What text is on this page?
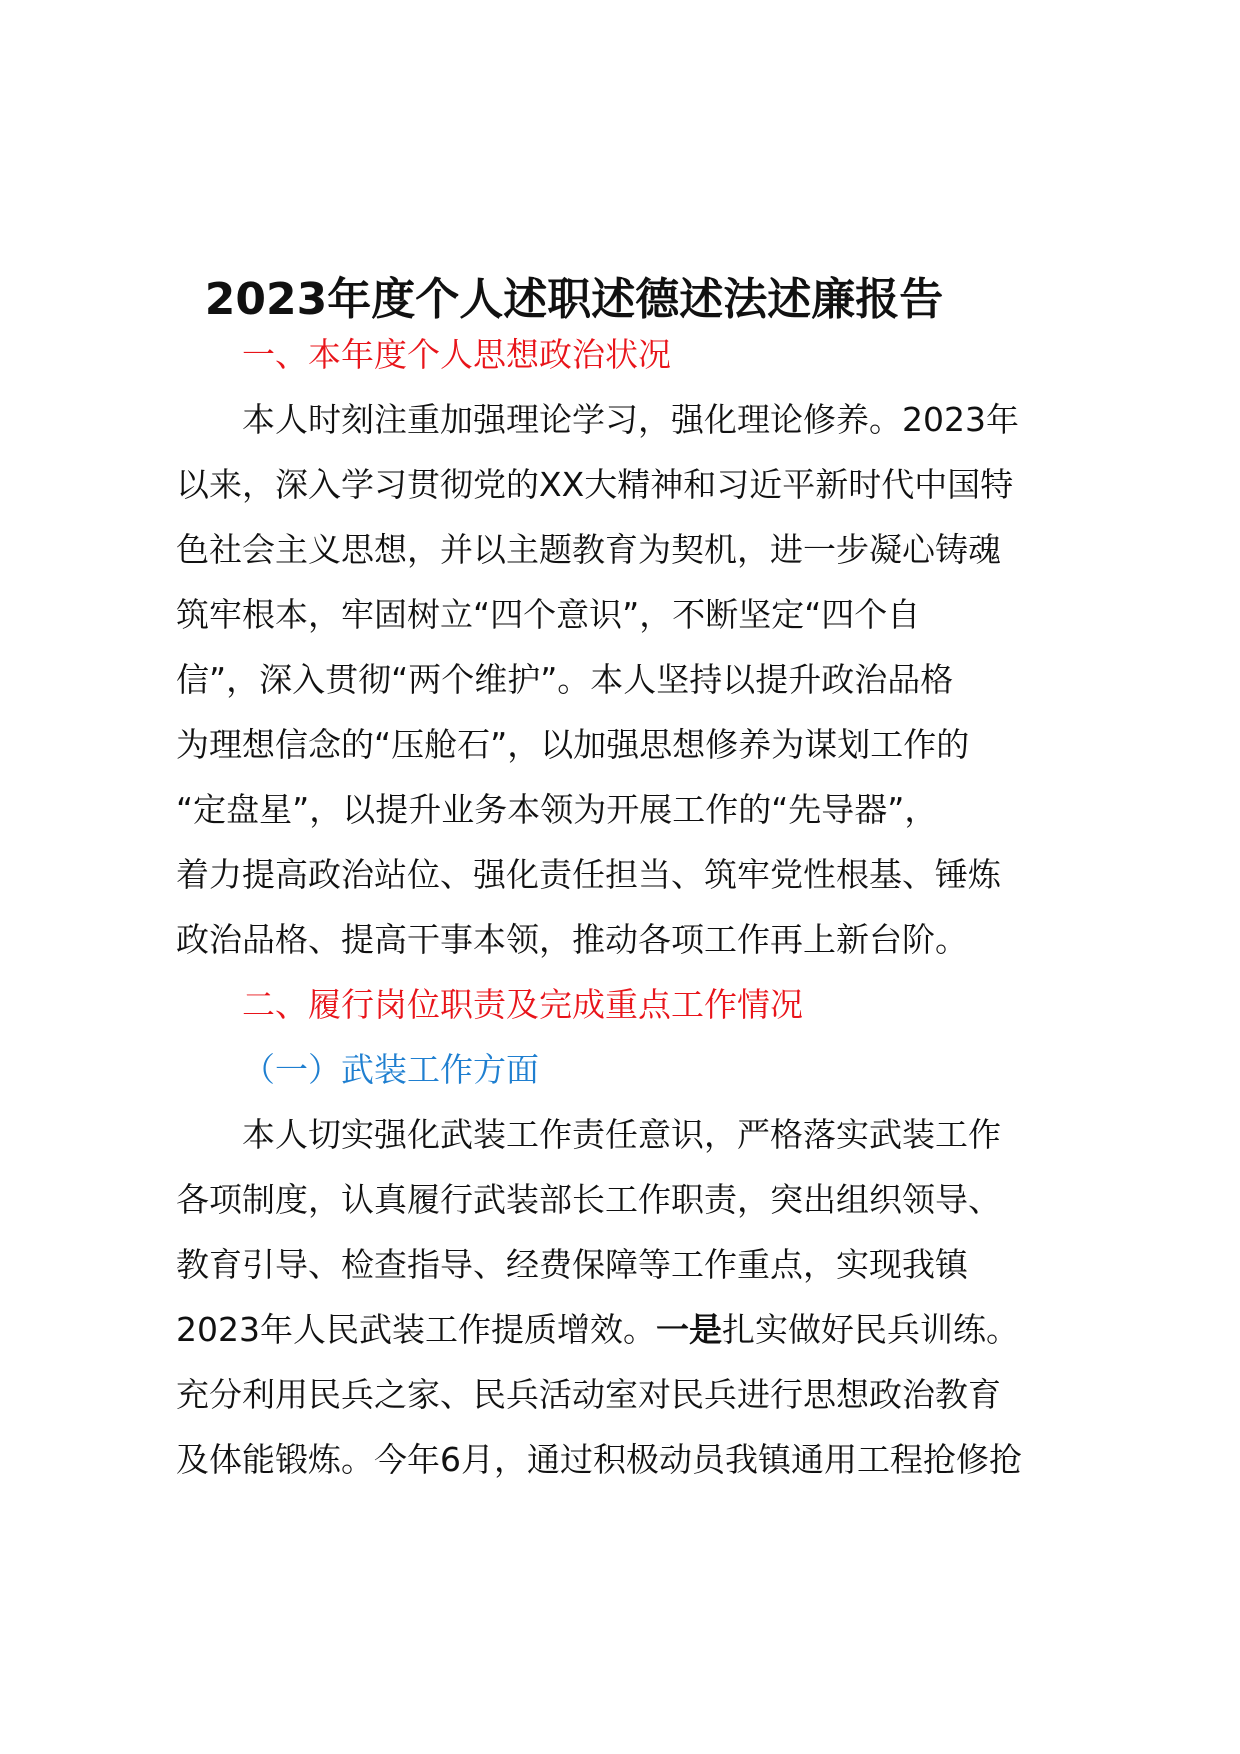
2023年度个人述职述德述法述廉报告
一、本年度个人思想政治状况
本人时刻注重加强理论学习，强化理论修养。2023年
以来，深入学习贯彻党的XX大精神和习近平新时代中国特
色社会主义思想，并以主题教育为契机，进一步凝心铸魂
筑牢根本，牢固树立“四个意识”，不断坚定“四个自
信”，深入贯彻“两个维护”。本人坚持以提升政治品格
为理想信念的“压舱石”，以加强思想修养为谋划工作的
“定盘星”，以提升业务本领为开展工作的“先导器”，
着力提高政治站位、强化责任担当、筑牢党性根基、锤炼
政治品格、提高干事本领，推动各项工作再上新台阶。
二、履行岗位职责及完成重点工作情况
（一）武装工作方面
本人切实强化武装工作责任意识，严格落实武装工作
各项制度，认真履行武装部长工作职责，突出组织领导、
教育引导、检查指导、经费保障等工作重点，实现我镇
2023年人民武装工作提质增效。一是扎实做好民兵训练。
充分利用民兵之家、民兵活动室对民兵进行思想政治教育
及体能锻炼。今年6月，通过积极动员我镇通用工程抢修抢
